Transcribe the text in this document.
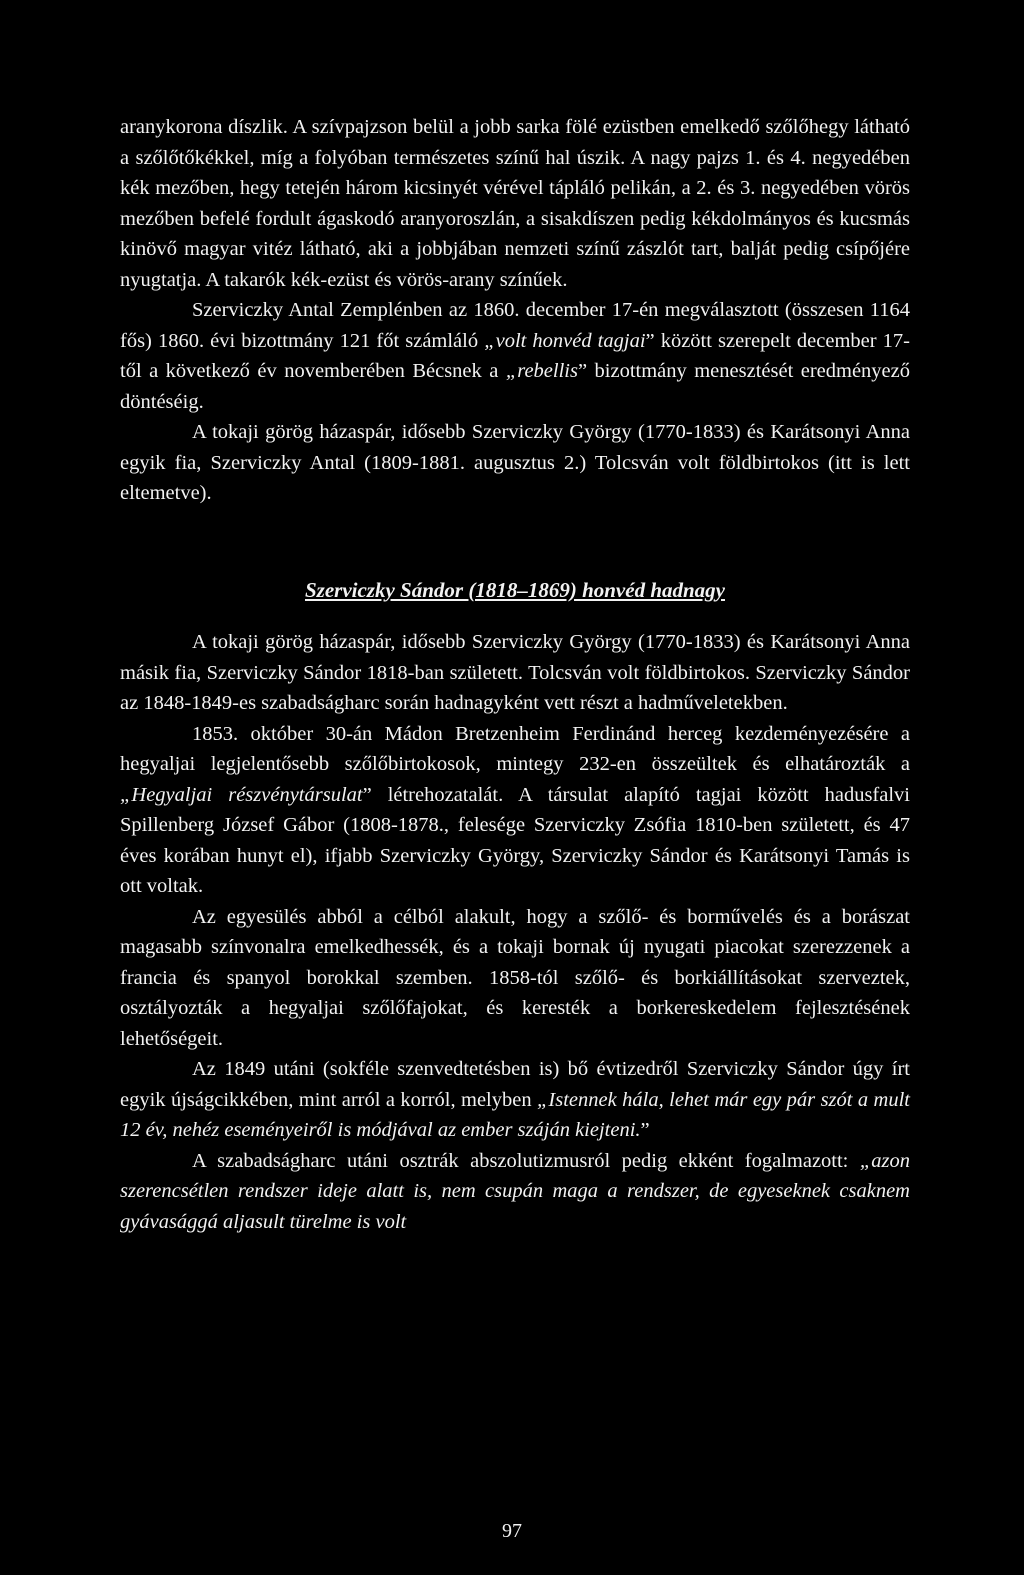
aranykorona díszlik. A szívpajzson belül a jobb sarka fölé ezüstben emelkedő szőlőhegy látható a szőlőtőkékkel, míg a folyóban természetes színű hal úszik. A nagy pajzs 1. és 4. negyedében kék mezőben, hegy tetején három kicsinyét vérével tápláló pelikán, a 2. és 3. negyedében vörös mezőben befelé fordult ágaskodó aranyoroszlán, a sisakdíszen pedig kékdolmányos és kucsmás kinövő magyar vitéz látható, aki a jobbjában nemzeti színű zászlót tart, balját pedig csípőjére nyugtatja. A takarók kék-ezüst és vörös-arany színűek.

Szerviczky Antal Zemplénben az 1860. december 17-én megválasztott (összesen 1164 fős) 1860. évi bizottmány 121 főt számláló „volt honvéd tagjai” között szerepelt december 17-től a következő év novemberében Bécsnek a „rebellis” bizottmány menesztését eredményező döntéséig.

A tokaji görög házaspár, idősebb Szerviczky György (1770-1833) és Karátsonyi Anna egyik fia, Szerviczky Antal (1809-1881. augusztus 2.) Tolcsván volt földbirtokos (itt is lett eltemetve).

Szerviczky Sándor (1818–1869) honvéd hadnagy

A tokaji görög házaspár, idősebb Szerviczky György (1770-1833) és Karátsonyi Anna másik fia, Szerviczky Sándor 1818-ban született. Tolcsván volt földbirtokos. Szerviczky Sándor az 1848-1849-es szabadságharc során hadnagyként vett részt a hadműveletekben.

1853. október 30-án Mádon Bretzenheim Ferdinánd herceg kezdeményezésére a hegyaljai legjelentősebb szőlőbirtokosok, mintegy 232-en összeültek és elhatározták a „Hegyaljai részvénytársulat” létrehozatalát. A társulat alapító tagjai között hadusfalvi Spillenberg József Gábor (1808-1878., felesége Szerviczky Zsófia 1810-ben született, és 47 éves korában hunyt el), ifjabb Szerviczky György, Szerviczky Sándor és Karátsonyi Tamás is ott voltak.

Az egyesülés abból a célból alakult, hogy a szőlő- és borművelés és a borászat magasabb színvonalra emelkedhessék, és a tokaji bornak új nyugati piacokat szerezzenek a francia és spanyol borokkal szemben. 1858-tól szőlő- és borkiállításokat szerveztek, osztályozták a hegyaljai szőlőfajokat, és keresték a borkereskedelem fejlesztésének lehetőségeit.

Az 1849 utáni (sokféle szenvedtetésben is) bő évtizedről Szerviczky Sándor úgy írt egyik újságcikkében, mint arról a korról, melyben „Istennek hála, lehet már egy pár szót a mult 12 év, nehéz eseményeiről is módjával az ember száján kiejteni.”

A szabadságharc utáni osztrák abszolutizmusról pedig ekként fogalmazott: „azon szerencsétlen rendszer ideje alatt is, nem csupán maga a rendszer, de egyeseknek csaknem gyávasággá aljasult türelme is volt

97
